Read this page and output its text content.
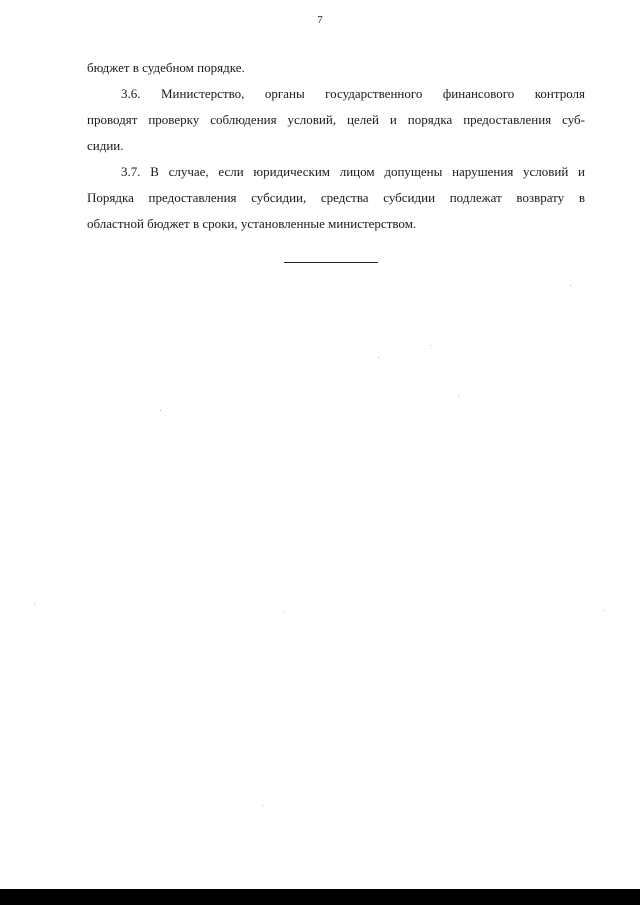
7
бюджет в судебном порядке.
3.6. Министерство, органы государственного финансового контроля
проводят проверку соблюдения условий, целей и порядка предоставления суб-
сидии.
3.7. В случае, если юридическим лицом допущены нарушения условий и
Порядка предоставления субсидии, средства субсидии подлежат возврату в
областной бюджет в сроки, установленные министерством.
